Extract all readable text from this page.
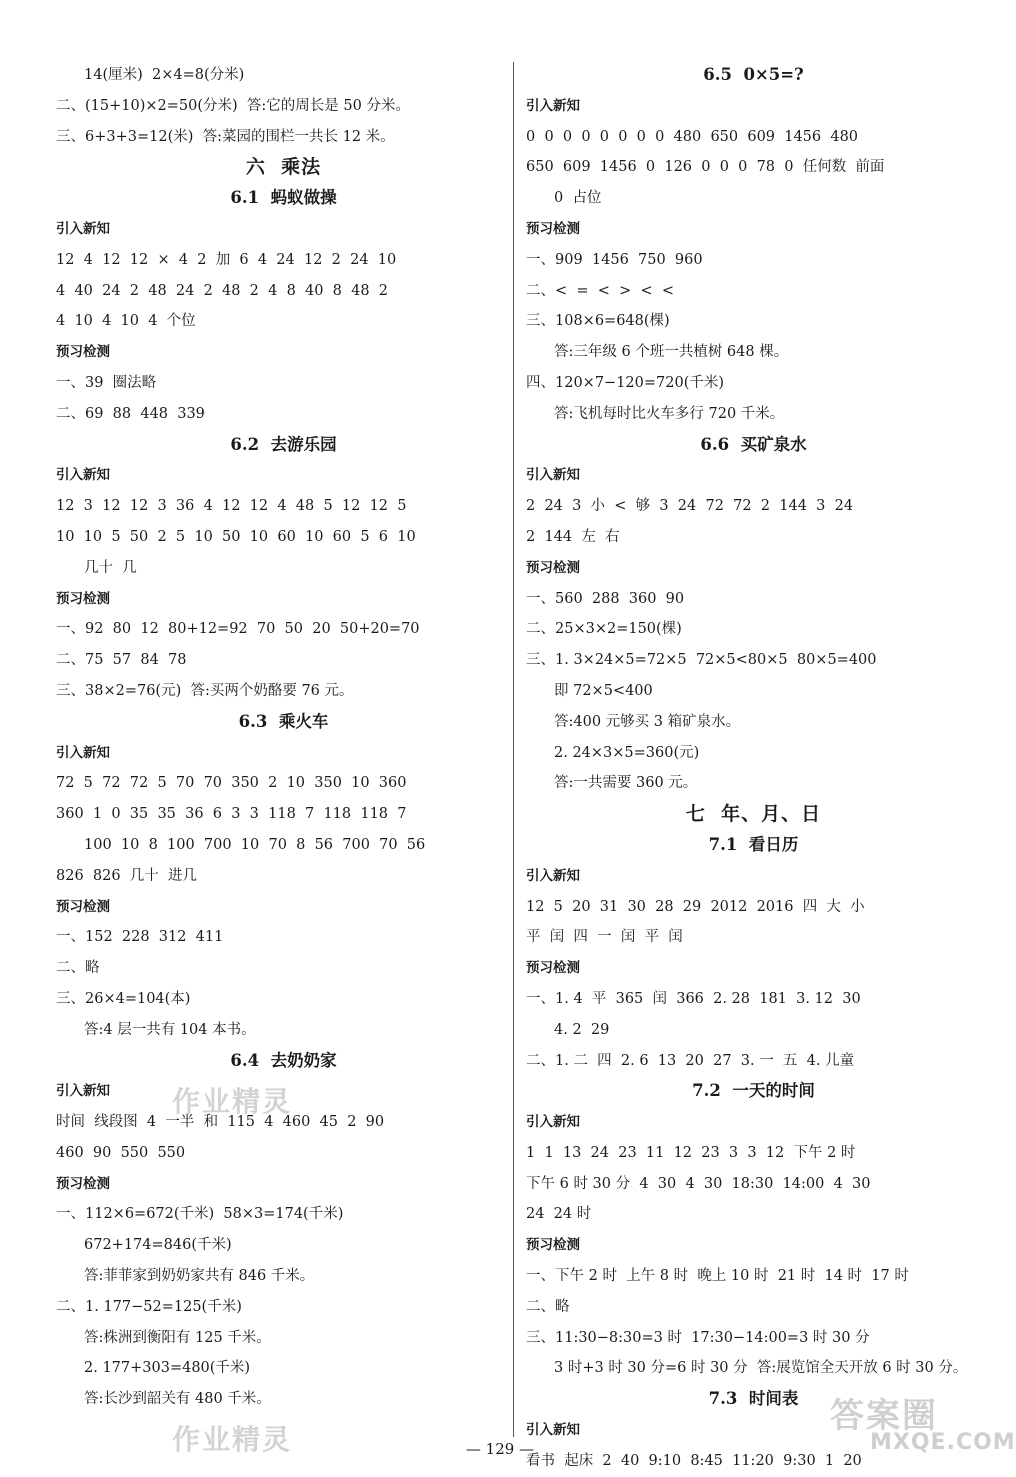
14(厘米)  2×4=8(分米)
二、(15+10)×2=50(分米)  答:它的周长是 50 分米。
三、6+3+3=12(米)  答:菜园的围栏一共长 12 米。
六  乘法
6.1  蚂蚁做操
引入新知
12  4  12  12  ×  4  2  加  6  4  24  12  2  24  10
4  40  24  2  48  24  2  48  2  4  8  40  8  48  2
4  10  4  10  4  个位
预习检测
一、39  圈法略
二、69  88  448  339
6.2  去游乐园
引入新知
12  3  12  12  3  36  4  12  12  4  48  5  12  12  5
10  10  5  50  2  5  10  50  10  60  10  60  5  6  10
几十  几
预习检测
一、92  80  12  80+12=92  70  50  20  50+20=70
二、75  57  84  78
三、38×2=76(元)  答:买两个奶酪要 76 元。
6.3  乘火车
引入新知
72  5  72  72  5  70  70  350  2  10  350  10  360
360  1  0  35  35  36  6  3  3  118  7  118  118  7
100  10  8  100  700  10  70  8  56  700  70  56
826  826  几十  进几
预习检测
一、152  228  312  411
二、略
三、26×4=104(本)
答:4 层一共有 104 本书。
6.4  去奶奶家
引入新知
时间  线段图  4  一半  和  115  4  460  45  2  90
460  90  550  550
预习检测
一、112×6=672(千米)  58×3=174(千米)
672+174=846(千米)
答:菲菲家到奶奶家共有 846 千米。
二、1. 177−52=125(千米)
答:株洲到衡阳有 125 千米。
2. 177+303=480(千米)
答:长沙到韶关有 480 千米。
6.5  0×5=?
引入新知
0  0  0  0  0  0  0  0  480  650  609  1456  480
650  609  1456  0  126  0  0  0  78  0  任何数  前面
0  占位
预习检测
一、909  1456  750  960
二、<  =  <  >  <  <
三、108×6=648(棵)
答:三年级 6 个班一共植树 648 棵。
四、120×7−120=720(千米)
答:飞机每时比火车多行 720 千米。
6.6  买矿泉水
引入新知
2  24  3  小  <  够  3  24  72  72  2  144  3  24
2  144  左  右
预习检测
一、560  288  360  90
二、25×3×2=150(棵)
三、1. 3×24×5=72×5  72×5<80×5  80×5=400
即 72×5<400
答:400 元够买 3 箱矿泉水。
2. 24×3×5=360(元)
答:一共需要 360 元。
七  年、月、日
7.1  看日历
引入新知
12  5  20  31  30  28  29  2012  2016  四  大  小
平  闰  四  一  闰  平  闰
预习检测
一、1. 4  平  365  闰  366  2. 28  181  3. 12  30
4. 2  29
二、1. 二  四  2. 6  13  20  27  3. 一  五  4. 儿童
7.2  一天的时间
引入新知
1  1  13  24  23  11  12  23  3  3  12  下午 2 时
下午 6 时 30 分  4  30  4  30  18:30  14:00  4  30
24  24 时
预习检测
一、下午 2 时  上午 8 时  晚上 10 时  21 时  14 时  17 时
二、略
三、11:30−8:30=3 时  17:30−14:00=3 时 30 分
3 时+3 时 30 分=6 时 30 分  答:展览馆全天开放 6 时 30 分。
7.3  时间表
引入新知
看书  起床  2  40  9:10  8:45  11:20  9:30  1  20
— 129 —
作业精灵
作业精灵
答案圈
MXQE.COM
